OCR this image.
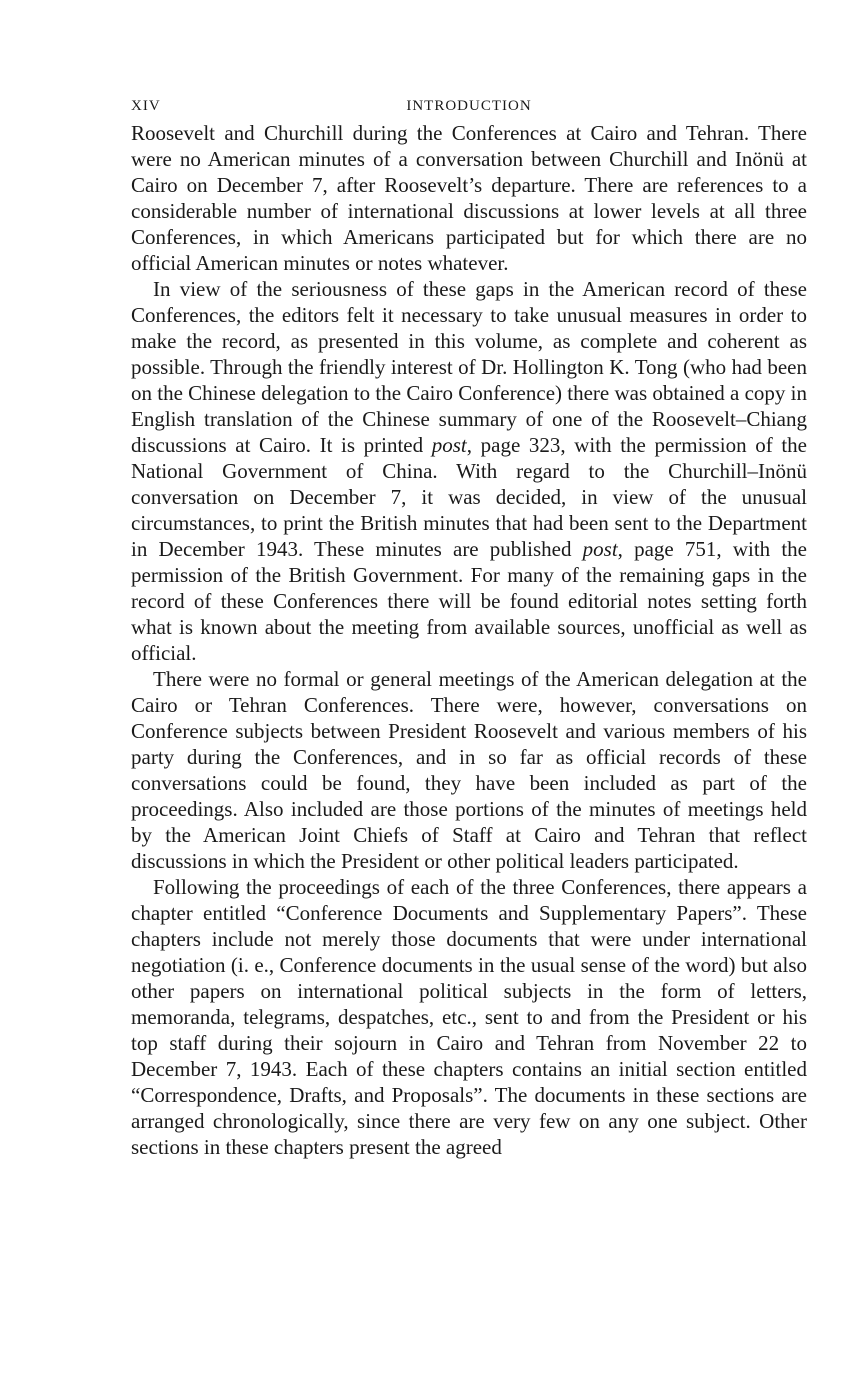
XIV	INTRODUCTION

Roosevelt and Churchill during the Conferences at Cairo and Tehran. There were no American minutes of a conversation between Churchill and Inönü at Cairo on December 7, after Roosevelt’s departure. There are references to a considerable number of international discussions at lower levels at all three Conferences, in which Americans participated but for which there are no official American minutes or notes whatever.

In view of the seriousness of these gaps in the American record of these Conferences, the editors felt it necessary to take unusual measures in order to make the record, as presented in this volume, as complete and coherent as possible. Through the friendly interest of Dr. Hollington K. Tong (who had been on the Chinese delegation to the Cairo Conference) there was obtained a copy in English translation of the Chinese summary of one of the Roosevelt–Chiang discussions at Cairo. It is printed post, page 323, with the permission of the National Government of China. With regard to the Churchill–Inönü conversation on December 7, it was decided, in view of the unusual circumstances, to print the British minutes that had been sent to the Department in December 1943. These minutes are published post, page 751, with the permission of the British Government. For many of the remaining gaps in the record of these Conferences there will be found editorial notes setting forth what is known about the meeting from available sources, unofficial as well as official.

There were no formal or general meetings of the American delegation at the Cairo or Tehran Conferences. There were, however, conversations on Conference subjects between President Roosevelt and various members of his party during the Conferences, and in so far as official records of these conversations could be found, they have been included as part of the proceedings. Also included are those portions of the minutes of meetings held by the American Joint Chiefs of Staff at Cairo and Tehran that reflect discussions in which the President or other political leaders participated.

Following the proceedings of each of the three Conferences, there appears a chapter entitled “Conference Documents and Supplementary Papers”. These chapters include not merely those documents that were under international negotiation (i. e., Conference documents in the usual sense of the word) but also other papers on international political subjects in the form of letters, memoranda, telegrams, despatches, etc., sent to and from the President or his top staff during their sojourn in Cairo and Tehran from November 22 to December 7, 1943. Each of these chapters contains an initial section entitled “Correspondence, Drafts, and Proposals”. The documents in these sections are arranged chronologically, since there are very few on any one subject. Other sections in these chapters present the agreed
